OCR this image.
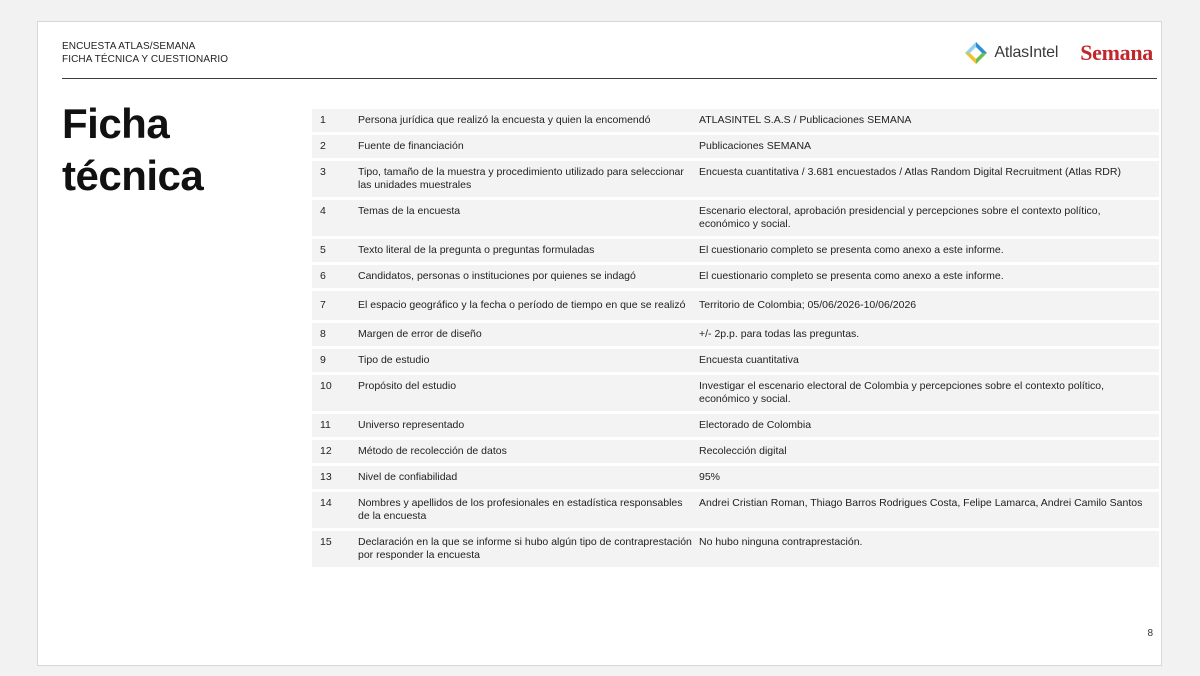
ENCUESTA ATLAS/SEMANA
FICHA TÉCNICA Y CUESTIONARIO	AtlasIntel Semana
Ficha
técnica
1	Persona jurídica que realizó la encuesta y quien la encomendó	ATLASINTEL S.A.S / Publicaciones SEMANA
2	Fuente de financiación	Publicaciones SEMANA
3	Tipo, tamaño de la muestra y procedimiento utilizado para seleccionar las unidades muestrales	Encuesta cuantitativa / 3.681 encuestados / Atlas Random Digital Recruitment (Atlas RDR)
4	Temas de la encuesta	Escenario electoral, aprobación presidencial y percepciones sobre el contexto político, económico y social.
5	Texto literal de la pregunta o preguntas formuladas	El cuestionario completo se presenta como anexo a este informe.
6	Candidatos, personas o instituciones por quienes se indagó	El cuestionario completo se presenta como anexo a este informe.
7	El espacio geográfico y la fecha o período de tiempo en que se realizó	Territorio de Colombia; 05/06/2026-10/06/2026
8	Margen de error de diseño	+/- 2p.p. para todas las preguntas.
9	Tipo de estudio	Encuesta cuantitativa
10	Propósito del estudio	Investigar el escenario electoral de Colombia y percepciones sobre el contexto político, económico y social.
11	Universo representado	Electorado de Colombia
12	Método de recolección de datos	Recolección digital
13	Nivel de confiabilidad	95%
14	Nombres y apellidos de los profesionales en estadística responsables de la encuesta	Andrei Cristian Roman, Thiago Barros Rodrigues Costa, Felipe Lamarca, Andrei Camilo Santos
15	Declaración en la que se informe si hubo algún tipo de contraprestación por responder la encuesta	No hubo ninguna contraprestación.
8
